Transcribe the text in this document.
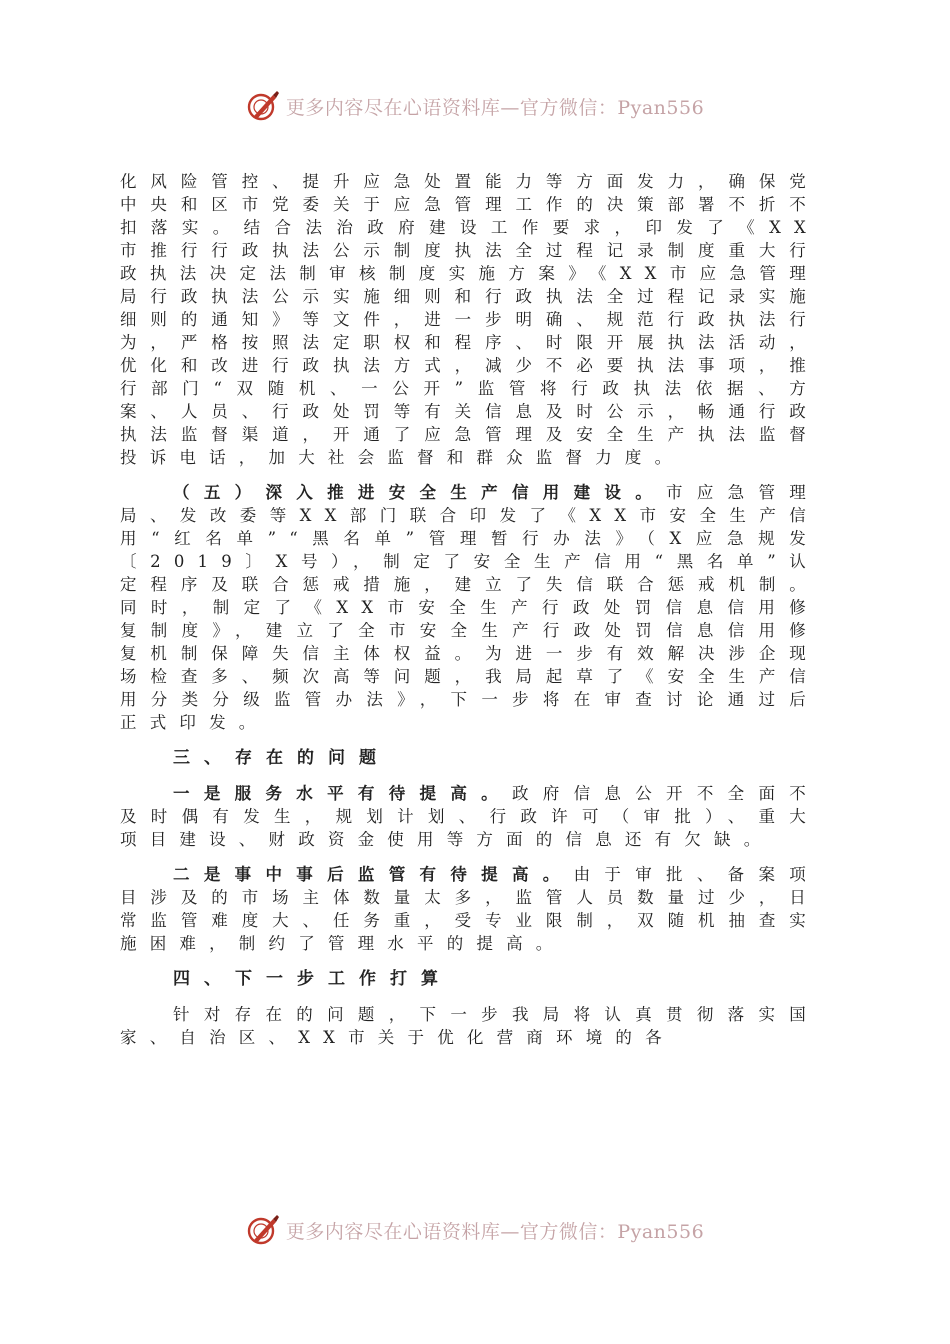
更多内容尽在心语资料库—官方微信：Pyan556

化风险管控、提升应急处置能力等方面发力，确保党中央和区市党委关于应急管理工作的决策部署不折不扣落实。结合法治政府建设工作要求，印发了《XX市推行行政执法公示制度执法全过程记录制度重大行政执法决定法制审核制度实施方案》《XX市应急管理局行政执法公示实施细则和行政执法全过程记录实施细则的通知》等文件，进一步明确、规范行政执法行为，严格按照法定职权和程序、时限开展执法活动，优化和改进行政执法方式，减少不必要执法事项，推行部门“双随机、一公开”监管将行政执法依据、方案、人员、行政处罚等有关信息及时公示，畅通行政执法监督渠道，开通了应急管理及安全生产执法监督投诉电话，加大社会监督和群众监督力度。

（五）深入推进安全生产信用建设。市应急管理局、发改委等XX部门联合印发了《XX市安全生产信用“红名单”“黑名单”管理暂行办法》（X应急规发〔2019〕X号），制定了安全生产信用“黑名单”认定程序及联合惩戒措施，建立了失信联合惩戒机制。同时，制定了《XX市安全生产行政处罚信息信用修复制度》，建立了全市安全生产行政处罚信息信用修复机制保障失信主体权益。为进一步有效解决涉企现场检查多、频次高等问题，我局起草了《安全生产信用分类分级监管办法》，下一步将在审查讨论通过后正式印发。

三、存在的问题

一是服务水平有待提高。政府信息公开不全面不及时偶有发生，规划计划、行政许可（审批）、重大项目建设、财政资金使用等方面的信息还有欠缺。

二是事中事后监管有待提高。由于审批、备案项目涉及的市场主体数量太多，监管人员数量过少，日常监管难度大、任务重，受专业限制，双随机抽查实施困难，制约了管理水平的提高。

四、下一步工作打算

针对存在的问题，下一步我局将认真贯彻落实国家、自治区、XX市关于优化营商环境的各

更多内容尽在心语资料库—官方微信：Pyan556
